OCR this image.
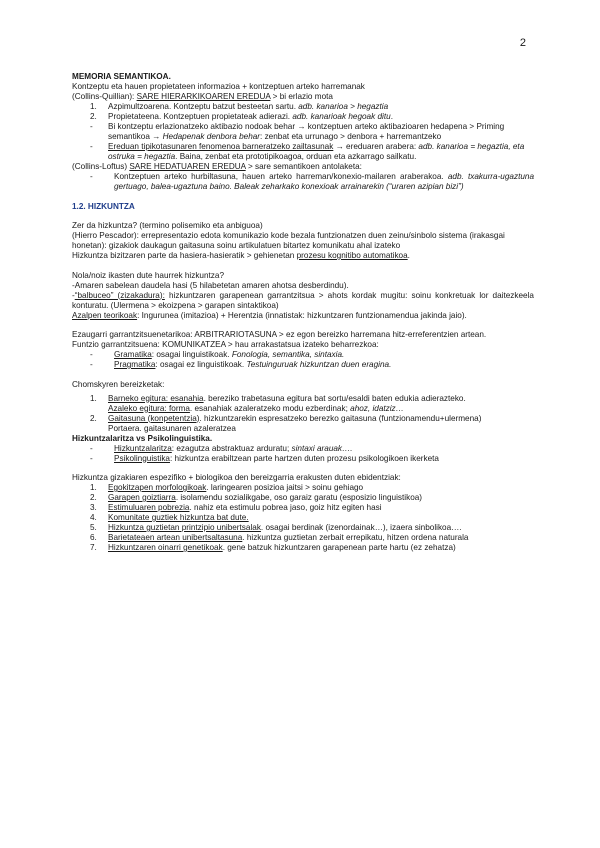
2

MEMORIA SEMANTIKOA.

Kontzeptu eta hauen propietateen informazioa + kontzeptuen arteko harremanak

(Collins-Quillian): SARE HIERARKIKOAREN EREDUA > bi erlazio mota

1.	Azpimultzoarena. Kontzeptu batzut besteetan sartu. adb. kanarioa > hegaztia
2.	Propietateena. Kontzeptuen propietateak adierazi. adb. kanarioak hegoak ditu.
-	Bi kontzeptu erlazionatzeko aktibazio nodoak behar → kontzeptuen arteko aktibazioaren hedapena > Priming semantikoa → Hedapenak denbora behar: zenbat eta urrunago > denbora + harremantzeko
-	Ereduan tipikotasunaren fenomenoa barneratzeko zailtasunak → ereduaren arabera: adb. kanarioa = hegaztia, eta ostruka = hegaztia. Baina, zenbat eta prototipikoagoa, orduan eta azkarrago sailkatu.

(Collins-Loftus) SARE HEDATUAREN EREDUA > sare semantikoen antolaketa:

-	Kontzeptuen arteko hurbiltasuna, hauen arteko harreman/konexio-mailaren araberakoa. adb. txakurra-ugaztuna gertuago, balea-ugaztuna baino. Baleak zeharkako konexioak arrainarekin (“uraren azipian bizi”)

1.2. HIZKUNTZA

Zer da hizkuntza? (termino polisemiko eta anbiguoa)

(Hierro Pescador): errepresentazio edota komunikazio kode bezala funtzionatzen duen zeinu/sinbolo sistema (irakasgai honetan): gizakiok daukagun gaitasuna soinu artikulatuen bitartez komunikatu ahal izateko

Hizkuntza bizitzaren parte da hasiera-hasieratik > gehienetan prozesu kognitibo automatikoa.

Nola/noiz ikasten dute haurrek hizkuntza?

-Amaren sabelean daudela hasi (5 hilabetetan amaren ahotsa desberdindu).

-“balbuceo” (zizakadura): hizkuntzaren garapenean garrantzitsua > ahots kordak mugitu: soinu konkretuak lor daitezkeela konturatu. (Ulermena > ekoizpena > garapen sintaktikoa)

Azalpen teorikoak: Ingurunea (imitazioa) + Herentzia (innatistak: hizkuntzaren funtzionamendua jakinda jaio).

Ezaugarri garrantzitsuenetarikoa: ARBITRARIOTASUNA > ez egon bereizko harremana hitz-erreferentzien artean.

Funtzio garrantzitsuena: KOMUNIKATZEA > hau arrakastatsua izateko beharrezkoa:

-	Gramatika: osagai linguistikoak. Fonologia, semantika, sintaxia.
-	Pragmatika: osagai ez linguistikoak. Testuinguruak hizkuntzan duen eragina.

Chomskyren bereizketak:

1.	Barneko egitura: esanahia. bereziko trabetasuna egitura bat sortu/esaldi baten edukia adierazteko.
Azaleko egitura: forma. esanahiak azaleratzeko modu ezberdinak; ahoz, idatziz…
2.	Gaitasuna (konpetentzia). hizkuntzarekin espresatzeko berezko gaitasuna (funtzionamendu+ulermena)
Portaera. gaitasunaren azaleratzea

Hizkuntzalaritza vs Psikolinguistika.

-	Hizkuntzalaritza: ezagutza abstraktuaz arduratu; sintaxi arauak….
-	Psikolinguistika: hizkuntza erabiltzean parte hartzen duten prozesu psikologikoen ikerketa

Hizkuntza gizakiaren espezifiko + biologikoa den bereizgarria erakusten duten ebidentziak:

1.	Egokitzapen morfologikoak. laringearen posizioa jaitsi > soinu gehiago
2.	Garapen goiztiarra. isolamendu sozialikgabe, oso garaiz garatu (esposizio linguistikoa)
3.	Estimuluaren pobrezia. nahiz eta estimulu pobrea jaso, goiz hitz egiten hasi
4.	Komunitate guztiek hizkuntza bat dute.
5.	Hizkuntza guztietan printzipio unibertsalak. osagai berdinak (izenordainak…), izaera sinbolikoa….
6.	Barietateaen artean unibertsaltasuna. hizkuntza guztietan zerbait errepikatu, hitzen ordena naturala
7.	Hizkuntzaren oinarri genetikoak. gene batzuk hizkuntzaren garapenean parte hartu (ez zehatza)
